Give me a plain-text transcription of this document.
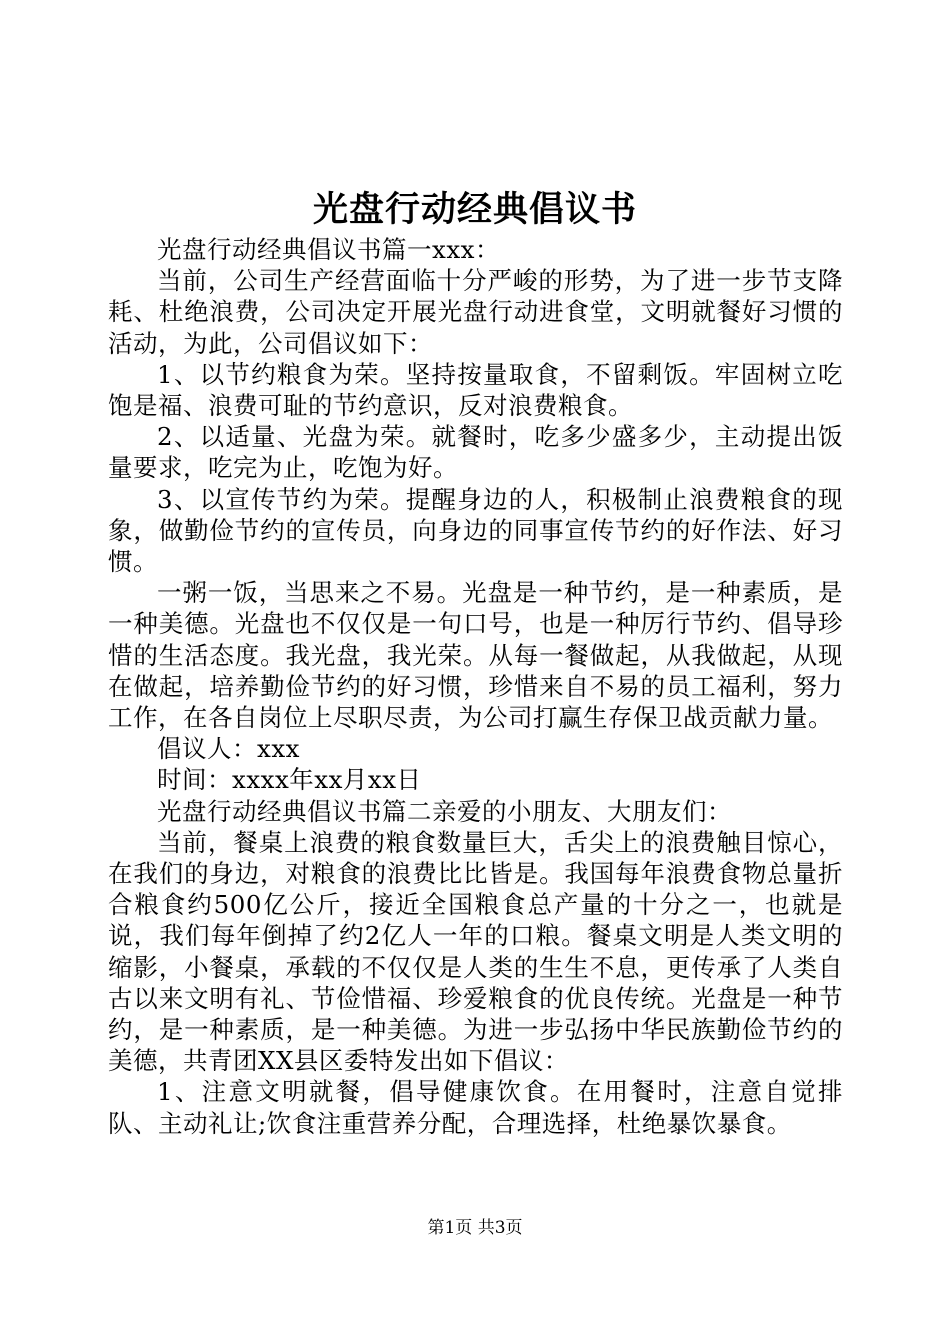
光盘行动经典倡议书

光盘行动经典倡议书篇一xxx：

当前，公司生产经营面临十分严峻的形势，为了进一步节支降耗、杜绝浪费，公司决定开展光盘行动进食堂，文明就餐好习惯的活动，为此，公司倡议如下：

1、以节约粮食为荣。坚持按量取食，不留剩饭。牢固树立吃饱是福、浪费可耻的节约意识，反对浪费粮食。

2、以适量、光盘为荣。就餐时，吃多少盛多少，主动提出饭量要求，吃完为止，吃饱为好。

3、以宣传节约为荣。提醒身边的人，积极制止浪费粮食的现象，做勤俭节约的宣传员，向身边的同事宣传节约的好作法、好习惯。

一粥一饭，当思来之不易。光盘是一种节约，是一种素质，是一种美德。光盘也不仅仅是一句口号，也是一种厉行节约、倡导珍惜的生活态度。我光盘，我光荣。从每一餐做起，从我做起，从现在做起，培养勤俭节约的好习惯，珍惜来自不易的员工福利，努力工作，在各自岗位上尽职尽责，为公司打赢生存保卫战贡献力量。

倡议人：xxx

时间：xxxx年xx月xx日

光盘行动经典倡议书篇二亲爱的小朋友、大朋友们：

当前，餐桌上浪费的粮食数量巨大，舌尖上的浪费触目惊心，在我们的身边，对粮食的浪费比比皆是。我国每年浪费食物总量折合粮食约500亿公斤，接近全国粮食总产量的十分之一，也就是说，我们每年倒掉了约2亿人一年的口粮。餐桌文明是人类文明的缩影，小餐桌，承载的不仅仅是人类的生生不息，更传承了人类自古以来文明有礼、节俭惜福、珍爱粮食的优良传统。光盘是一种节约，是一种素质，是一种美德。为进一步弘扬中华民族勤俭节约的美德，共青团XX县区委特发出如下倡议：

1、注意文明就餐，倡导健康饮食。在用餐时，注意自觉排队、主动礼让;饮食注重营养分配，合理选择，杜绝暴饮暴食。

第1页 共3页
